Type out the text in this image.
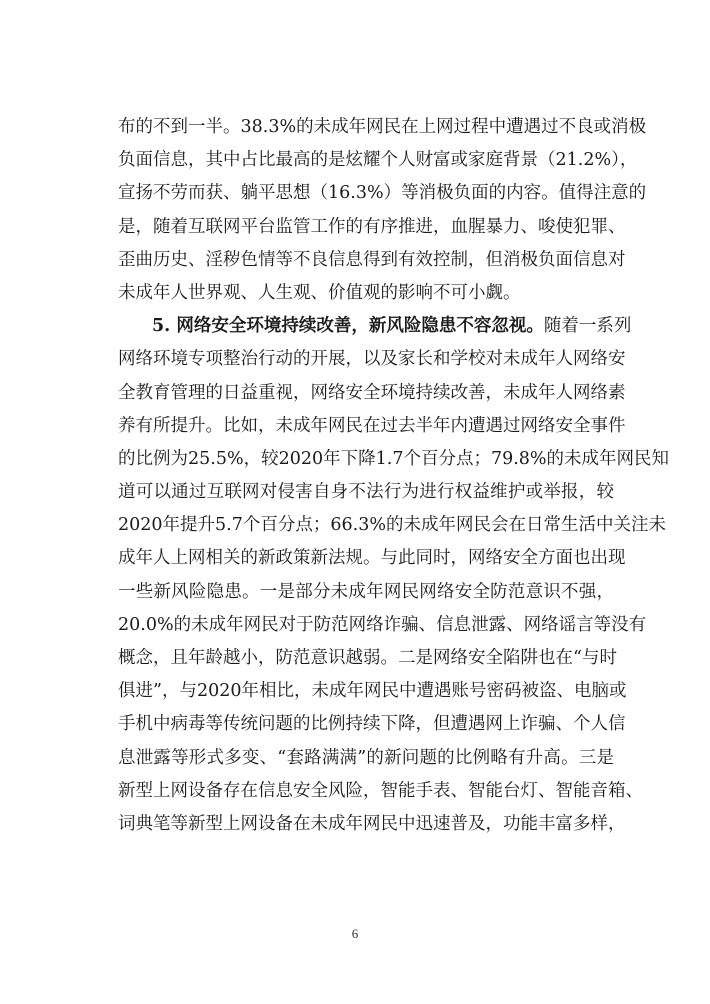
布的不到一半。38.3%的未成年网民在上网过程中遭遇过不良或消极
负面信息，其中占比最高的是炫耀个人财富或家庭背景（21.2%），
宣扬不劳而获、躺平思想（16.3%）等消极负面的内容。值得注意的
是，随着互联网平台监管工作的有序推进，血腥暴力、唆使犯罪、
歪曲历史、淫秽色情等不良信息得到有效控制，但消极负面信息对
未成年人世界观、人生观、价值观的影响不可小觑。
5. 网络安全环境持续改善，新风险隐患不容忽视。随着一系列
网络环境专项整治行动的开展，以及家长和学校对未成年人网络安
全教育管理的日益重视，网络安全环境持续改善，未成年人网络素
养有所提升。比如，未成年网民在过去半年内遭遇过网络安全事件
的比例为25.5%，较2020年下降1.7个百分点；79.8%的未成年网民知
道可以通过互联网对侵害自身不法行为进行权益维护或举报，较
2020年提升5.7个百分点；66.3%的未成年网民会在日常生活中关注未
成年人上网相关的新政策新法规。与此同时，网络安全方面也出现
一些新风险隐患。一是部分未成年网民网络安全防范意识不强，
20.0%的未成年网民对于防范网络诈骗、信息泄露、网络谣言等没有
概念，且年龄越小，防范意识越弱。二是网络安全陷阱也在“与时
俱进”，与2020年相比，未成年网民中遭遇账号密码被盗、电脑或
手机中病毒等传统问题的比例持续下降，但遭遇网上诈骗、个人信
息泄露等形式多变、“套路满满”的新问题的比例略有升高。三是
新型上网设备存在信息安全风险，智能手表、智能台灯、智能音箱、
词典笔等新型上网设备在未成年网民中迅速普及，功能丰富多样，
6
